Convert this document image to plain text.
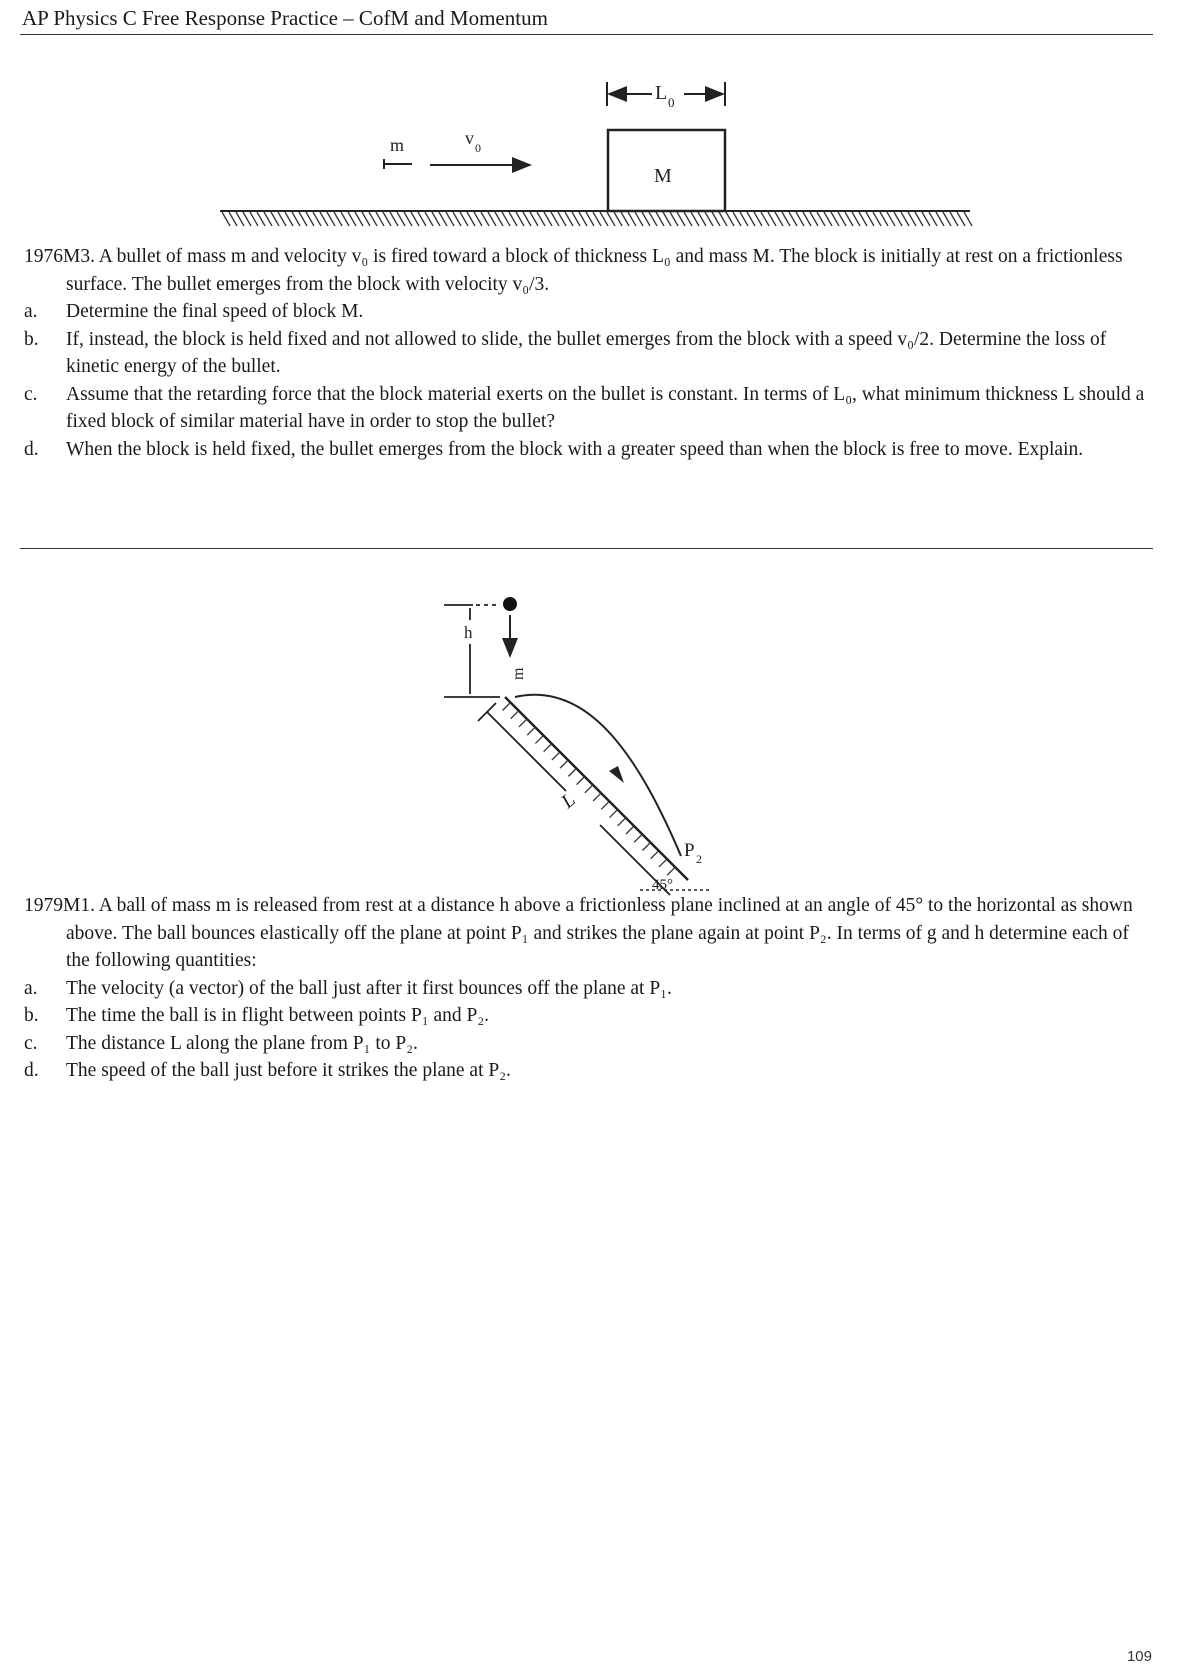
AP Physics C Free Response Practice – CofM and Momentum
L 0
m	v 0
M

1976M3. A bullet of mass m and velocity v₀ is fired toward a block of thickness L₀ and mass M. The block is initially at rest on a frictionless surface. The bullet emerges from the block with velocity v₀/3.

a.	Determine the final speed of block M.
b.	If, instead, the block is held fixed and not allowed to slide, the bullet emerges from the block with a speed v₀/2. Determine the loss of kinetic energy of the bullet.
c.	Assume that the retarding force that the block material exerts on the bullet is constant. In terms of L₀, what minimum thickness L should a fixed block of similar material have in order to stop the bullet?
d.	When the block is held fixed, the bullet emerges from the block with a greater speed than when the block is free to move. Explain.
h
m
L
P 2
45°

1979M1. A ball of mass m is released from rest at a distance h above a frictionless plane inclined at an angle of 45° to the horizontal as shown above. The ball bounces elastically off the plane at point P₁ and strikes the plane again at point P₂. In terms of g and h determine each of the following quantities:

a.	The velocity (a vector) of the ball just after it first bounces off the plane at P₁.
b.	The time the ball is in flight between points P₁ and P₂.
c.	The distance L along the plane from P₁ to P₂.
d.	The speed of the ball just before it strikes the plane at P₂.
109
